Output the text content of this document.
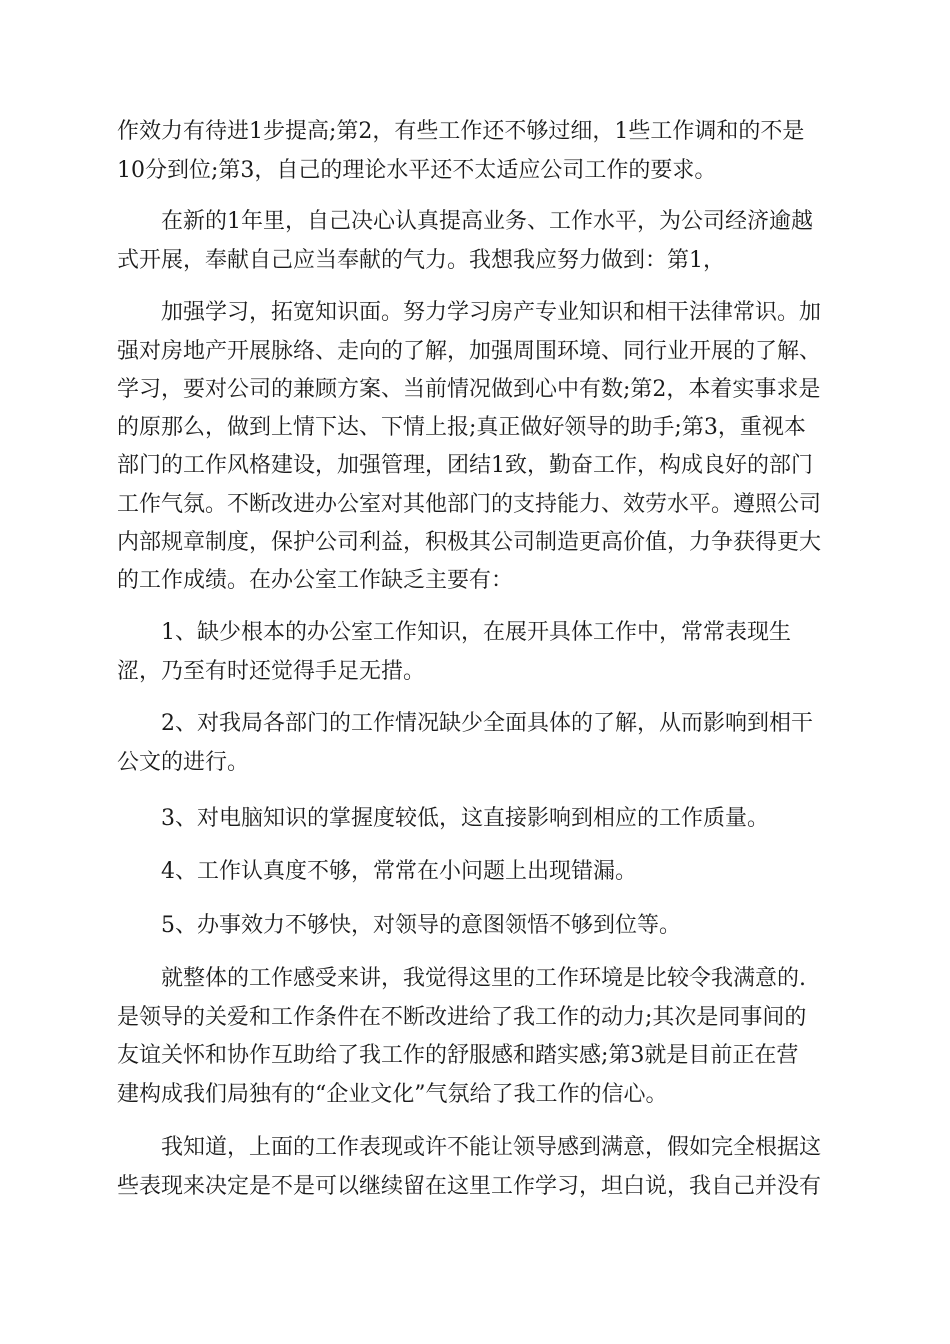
作效力有待进1步提高;第2，有些工作还不够过细，1些工作调和的不是

10分到位;第3，自己的理论水平还不太适应公司工作的要求。

在新的1年里，自己决心认真提高业务、工作水平，为公司经济逾越

式开展，奉献自己应当奉献的气力。我想我应努力做到：第1，

加强学习，拓宽知识面。努力学习房产专业知识和相干法律常识。加

强对房地产开展脉络、走向的了解，加强周围环境、同行业开展的了解、

学习，要对公司的兼顾方案、当前情况做到心中有数;第2，本着实事求是

的原那么，做到上情下达、下情上报;真正做好领导的助手;第3，重视本

部门的工作风格建设，加强管理，团结1致，勤奋工作，构成良好的部门

工作气氛。不断改进办公室对其他部门的支持能力、效劳水平。遵照公司

内部规章制度，保护公司利益，积极其公司制造更高价值，力争获得更大

的工作成绩。在办公室工作缺乏主要有：

1、缺少根本的办公室工作知识，在展开具体工作中，常常表现生

涩，乃至有时还觉得手足无措。

2、对我局各部门的工作情况缺少全面具体的了解，从而影响到相干

公文的进行。

3、对电脑知识的掌握度较低，这直接影响到相应的工作质量。

4、工作认真度不够，常常在小问题上出现错漏。

5、办事效力不够快，对领导的意图领悟不够到位等。

就整体的工作感受来讲，我觉得这里的工作环境是比较令我满意的.

是领导的关爱和工作条件在不断改进给了我工作的动力;其次是同事间的

友谊关怀和协作互助给了我工作的舒服感和踏实感;第3就是目前正在营

建构成我们局独有的“企业文化”气氛给了我工作的信心。

我知道，上面的工作表现或许不能让领导感到满意，假如完全根据这

些表现来决定是不是可以继续留在这里工作学习，坦白说，我自己并没有
